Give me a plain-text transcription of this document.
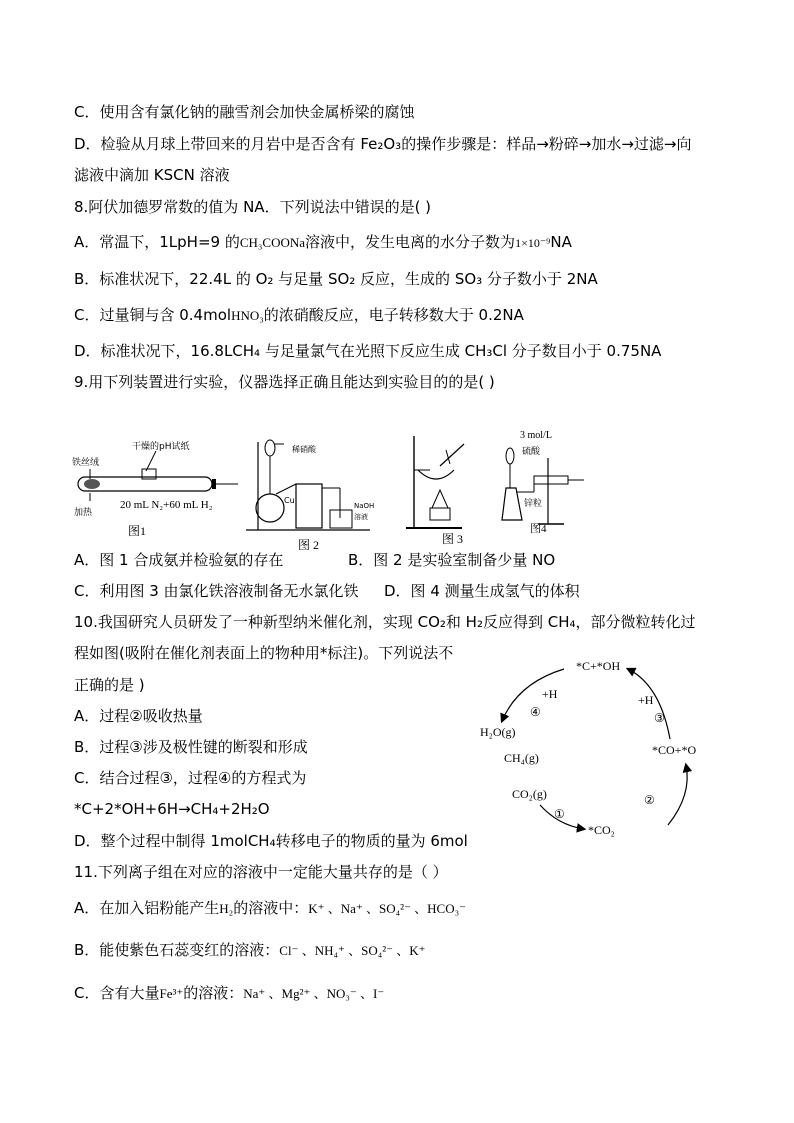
C．使用含有氯化钠的融雪剂会加快金属桥梁的腐蚀
D．检验从月球上带回来的月岩中是否含有 Fe₂O₃的操作步骤是：样品→粉碎→加水→过滤→向
滤液中滴加 KSCN 溶液
8.阿伏加德罗常数的值为 NA．下列说法中错误的是( )
A．常温下，1LpH=9 的CH₃COONa溶液中，发生电离的水分子数为1×10⁻⁹NA
B．标准状况下，22.4L 的 O₂ 与足量 SO₂ 反应，生成的 SO₃ 分子数小于 2NA
C．过量铜与含 0.4molHNO₃的浓硝酸反应，电子转移数大于 0.2NA
D．标准状况下，16.8LCH₄ 与足量氯气在光照下反应生成 CH₃Cl 分子数目小于 0.75NA
9.用下列装置进行实验，仪器选择正确且能达到实验目的的是( )
干燥的pH试纸
铁丝绒
加热
20 mL N₂+60 mL H₂
图1
稀硝酸
Cu
NaOH
溶液
图 2	图 3
3 mol/L
硫酸
锌粒
图4
A．图 1 合成氨并检验氨的存在	B．图 2 是实验室制备少量 NO
C．利用图 3 由氯化铁溶液制备无水氯化铁 D．图 4 测量生成氢气的体积
10.我国研究人员研发了一种新型纳米催化剂，实现 CO₂和 H₂反应得到 CH₄，部分微粒转化过
程如图(吸附在催化剂表面上的物种用*标注)。下列说法不
正确的是 )
A．过程②吸收热量
B．过程③涉及极性键的断裂和形成
C．结合过程③，过程④的方程式为
*C+2*OH+6H→CH₄+2H₂O
D．整个过程中制得 1molCH₄转移电子的物质的量为 6mol
*C+*OH
+H	+H
④	③
H₂O(g)
CH₄(g)
*CO+*O
CO₂(g)	②
①
*CO₂
11.下列离子组在对应的溶液中一定能大量共存的是（ ）
A．在加入铝粉能产生H₂的溶液中：K⁺ 、Na⁺ 、SO₄²⁻ 、HCO₃⁻
B．能使紫色石蕊变红的溶液：Cl⁻ 、NH₄⁺ 、SO₄²⁻ 、K⁺
C．含有大量Fe³⁺的溶液：Na⁺ 、Mg²⁺ 、NO₃⁻ 、I⁻
